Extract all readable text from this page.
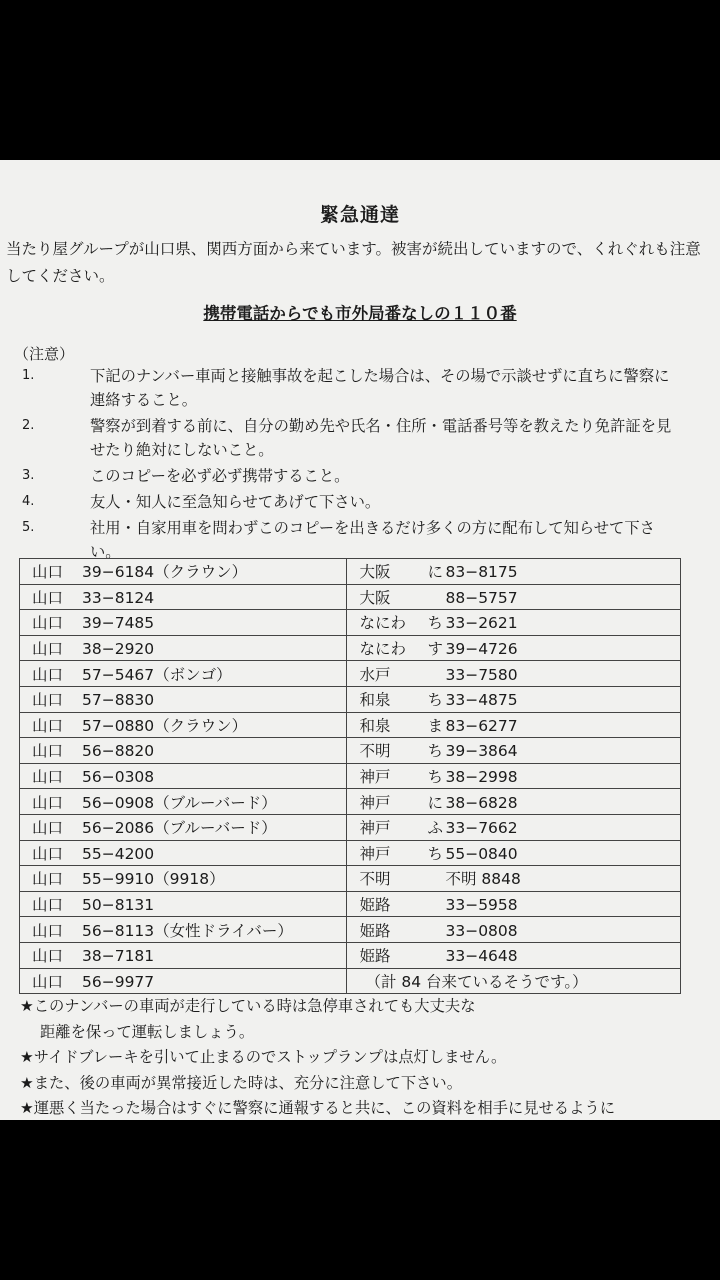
緊急通達
当たり屋グループが山口県、関西方面から来ています。被害が続出していますので、くれぐれも注意してください。
携帯電話からでも市外局番なしの１１０番
（注意）
1.	下記のナンバー車両と接触事故を起こした場合は、その場で示談せずに直ちに警察に連絡すること。
2.	警察が到着する前に、自分の勤め先や氏名・住所・電話番号等を教えたり免許証を見せたり絶対にしないこと。
3.	このコピーを必ず必ず携帯すること。
4.	友人・知人に至急知らせてあげて下さい。
5.	社用・自家用車を問わずこのコピーを出きるだけ多くの方に配布して知らせて下さい。
山口 39−6184（クラウン）	大阪 に 83−8175
山口 33−8124	大阪 88−5757
山口 39−7485	なにわ ち 33−2621
山口 38−2920	なにわ す 39−4726
山口 57−5467（ボンゴ）	水戸 33−7580
山口 57−8830	和泉 ち 33−4875
山口 57−0880（クラウン）	和泉 ま 83−6277
山口 56−8820	不明 ち 39−3864
山口 56−0308	神戸 ち 38−2998
山口 56−0908（ブルーバード）	神戸 に 38−6828
山口 56−2086（ブルーバード）	神戸 ふ 33−7662
山口 55−4200	神戸 ち 55−0840
山口 55−9910（9918）	不明 不明 8848
山口 50−8131	姫路 33−5958
山口 56−8113（女性ドライバー）	姫路 33−0808
山口 38−7181	姫路 33−4648
山口 56−9977	（計 84 台来ているそうです。）
★このナンバーの車両が走行している時は急停車されても大丈夫な
距離を保って運転しましょう。
★サイドブレーキを引いて止まるのでストップランプは点灯しません。
★また、後の車両が異常接近した時は、充分に注意して下さい。
★運悪く当たった場合はすぐに警察に通報すると共に、この資料を相手に見せるように
